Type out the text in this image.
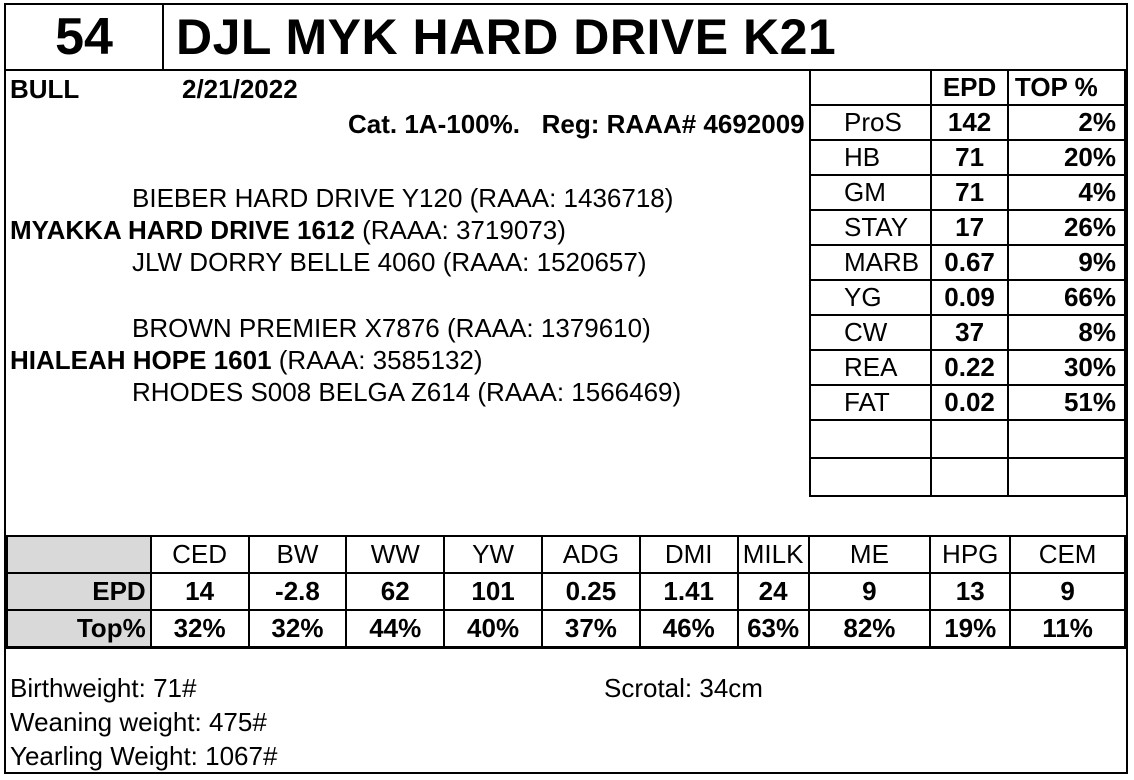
54	DJL MYK HARD DRIVE K21
BULL	2/21/2022
Cat. 1A-100%.   Reg: RAAA# 4692009
BIEBER HARD DRIVE Y120 (RAAA: 1436718)
MYAKKA HARD DRIVE 1612 (RAAA: 3719073)
JLW DORRY BELLE 4060 (RAAA: 1520657)
BROWN PREMIER X7876 (RAAA: 1379610)
HIALEAH HOPE 1601 (RAAA: 3585132)
RHODES S008 BELGA Z614 (RAAA: 1566469)
	EPD	TOP %
ProS	142	2%
HB	71	20%
GM	71	4%
STAY	17	26%
MARB	0.67	9%
YG	0.09	66%
CW	37	8%
REA	0.22	30%
FAT	0.02	51%

	CED	BW	WW	YW	ADG	DMI	MILK	ME	HPG	CEM
EPD	14	-2.8	62	101	0.25	1.41	24	9	13	9
Top%	32%	32%	44%	40%	37%	46%	63%	82%	19%	11%
Birthweight: 71#	Scrotal: 34cm
Weaning weight: 475#
Yearling Weight: 1067#
